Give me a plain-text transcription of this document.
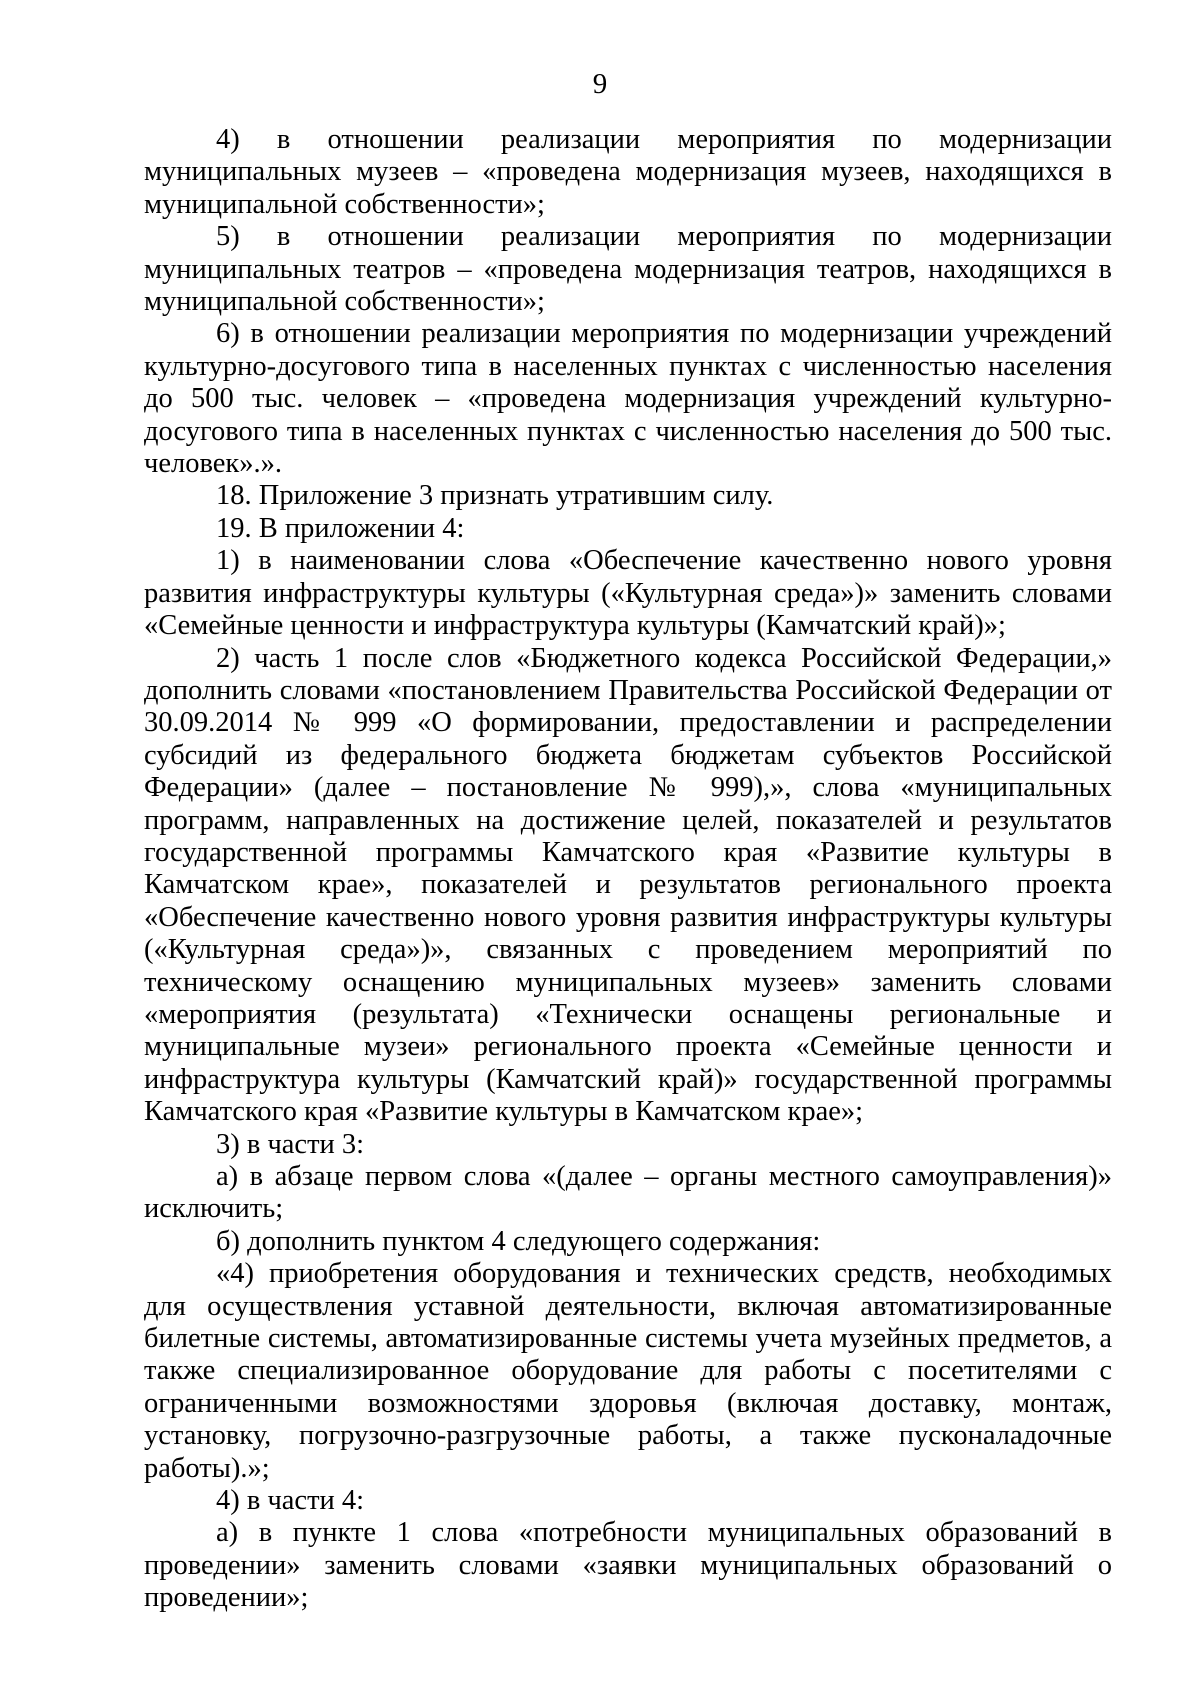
9

4) в отношении реализации мероприятия по модернизации муниципальных музеев – «проведена модернизация музеев, находящихся в муниципальной собственности»;

5) в отношении реализации мероприятия по модернизации муниципальных театров – «проведена модернизация театров, находящихся в муниципальной собственности»;

6) в отношении реализации мероприятия по модернизации учреждений культурно-досугового типа в населенных пунктах с численностью населения до 500 тыс. человек – «проведена модернизация учреждений культурно-досугового типа в населенных пунктах с численностью населения до 500 тыс. человек».».

18. Приложение 3 признать утратившим силу.

19. В приложении 4:

1) в наименовании слова «Обеспечение качественно нового уровня развития инфраструктуры культуры («Культурная среда»)» заменить словами «Семейные ценности и инфраструктура культуры (Камчатский край)»;

2) часть 1 после слов «Бюджетного кодекса Российской Федерации,» дополнить словами «постановлением Правительства Российской Федерации от 30.09.2014 № 999 «О формировании, предоставлении и распределении субсидий из федерального бюджета бюджетам субъектов Российской Федерации» (далее – постановление № 999),», слова «муниципальных программ, направленных на достижение целей, показателей и результатов государственной программы Камчатского края «Развитие культуры в Камчатском крае», показателей и результатов регионального проекта «Обеспечение качественно нового уровня развития инфраструктуры культуры («Культурная среда»)», связанных с проведением мероприятий по техническому оснащению муниципальных музеев» заменить словами «мероприятия (результата) «Технически оснащены региональные и муниципальные музеи» регионального проекта «Семейные ценности и инфраструктура культуры (Камчатский край)» государственной программы Камчатского края «Развитие культуры в Камчатском крае»;

3) в части 3:

а) в абзаце первом слова «(далее – органы местного самоуправления)» исключить;

б) дополнить пунктом 4 следующего содержания:

«4) приобретения оборудования и технических средств, необходимых для осуществления уставной деятельности, включая автоматизированные билетные системы, автоматизированные системы учета музейных предметов, а также специализированное оборудование для работы с посетителями с ограниченными возможностями здоровья (включая доставку, монтаж, установку, погрузочно-разгрузочные работы, а также пусконаладочные работы).»;

4) в части 4:

а) в пункте 1 слова «потребности муниципальных образований в проведении» заменить словами «заявки муниципальных образований о проведении»;
